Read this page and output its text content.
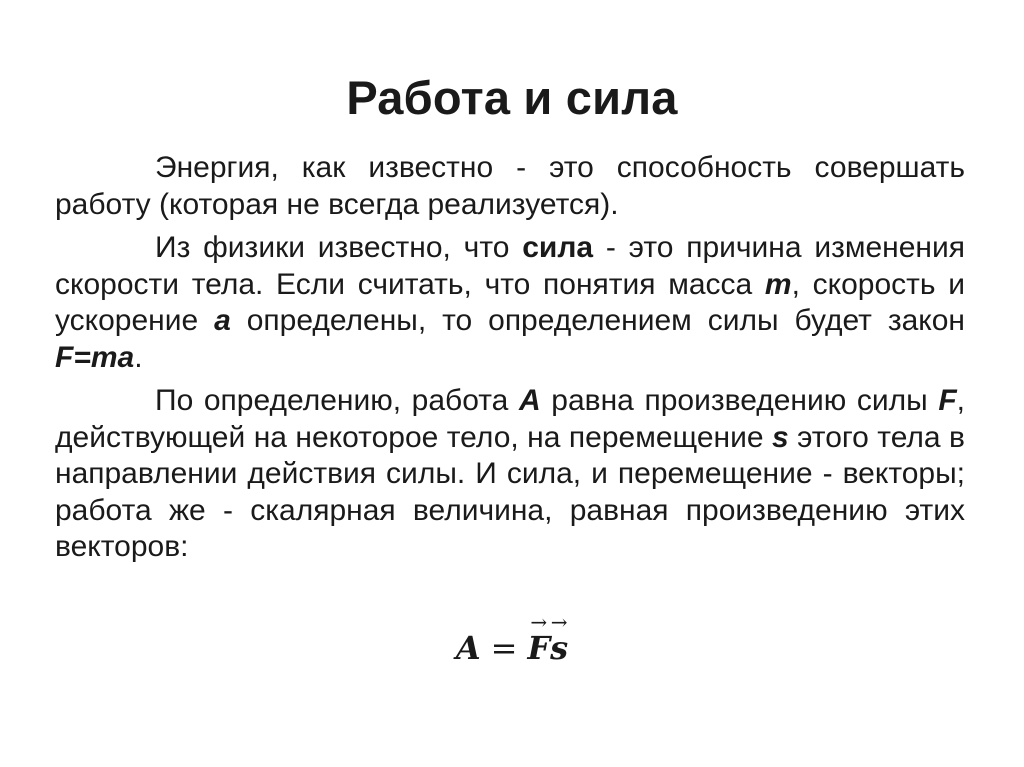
Работа и сила

Энергия, как известно - это способность совершать работу (которая не всегда реализуется).

Из физики известно, что сила - это причина изменения скорости тела. Если считать, что понятия масса m, скорость и ускорение a определены, то определением силы будет закон F=ma.

По определению, работа A равна произведению силы F, действующей на некоторое тело, на перемещение s этого тела в направлении действия силы. И сила, и перемещение - векторы; работа же - скалярная величина, равная произведению этих векторов:

A =
→
F
→
s
